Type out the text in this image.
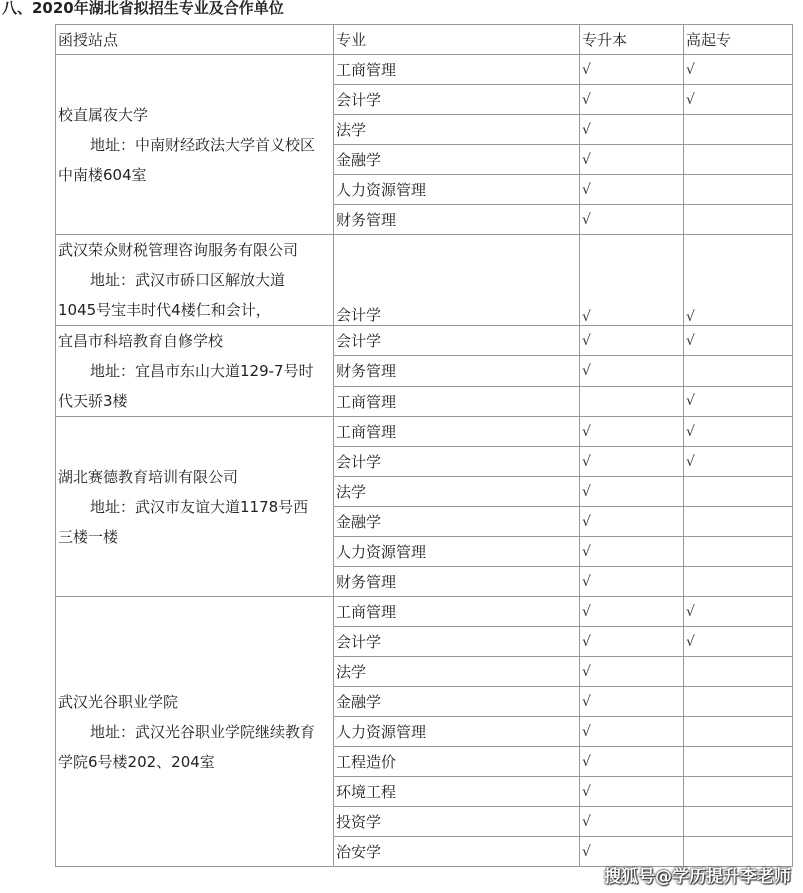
八、2020年湖北省拟招生专业及合作单位
函授站点	专业	专升本	高起专

校直属夜大学
地址：中南财经政法大学首义校区
中南楼604室	工商管理	√	√
	会计学	√	√
	法学	√	
	金融学	√	
	人力资源管理	√	
	财务管理	√	

武汉荣众财税管理咨询服务有限公司
地址：武汉市硚口区解放大道
1045号宝丰时代4楼仁和会计，	会计学	√	√

宜昌市科培教育自修学校
地址：宜昌市东山大道129-7号时
代天骄3楼	会计学	√	√
	财务管理	√	
	工商管理		√

湖北赛德教育培训有限公司
地址：武汉市友谊大道1178号西
三楼一楼	工商管理	√	√
	会计学	√	√
	法学	√	
	金融学	√	
	人力资源管理	√	
	财务管理	√	

武汉光谷职业学院
地址：武汉光谷职业学院继续教育
学院6号楼202、204室	工商管理	√	√
	会计学	√	√
	法学	√	
	金融学	√	
	人力资源管理	√	
	工程造价	√	
	环境工程	√	
	投资学	√	
	治安学	√	
搜狐号@学历提升李老师
